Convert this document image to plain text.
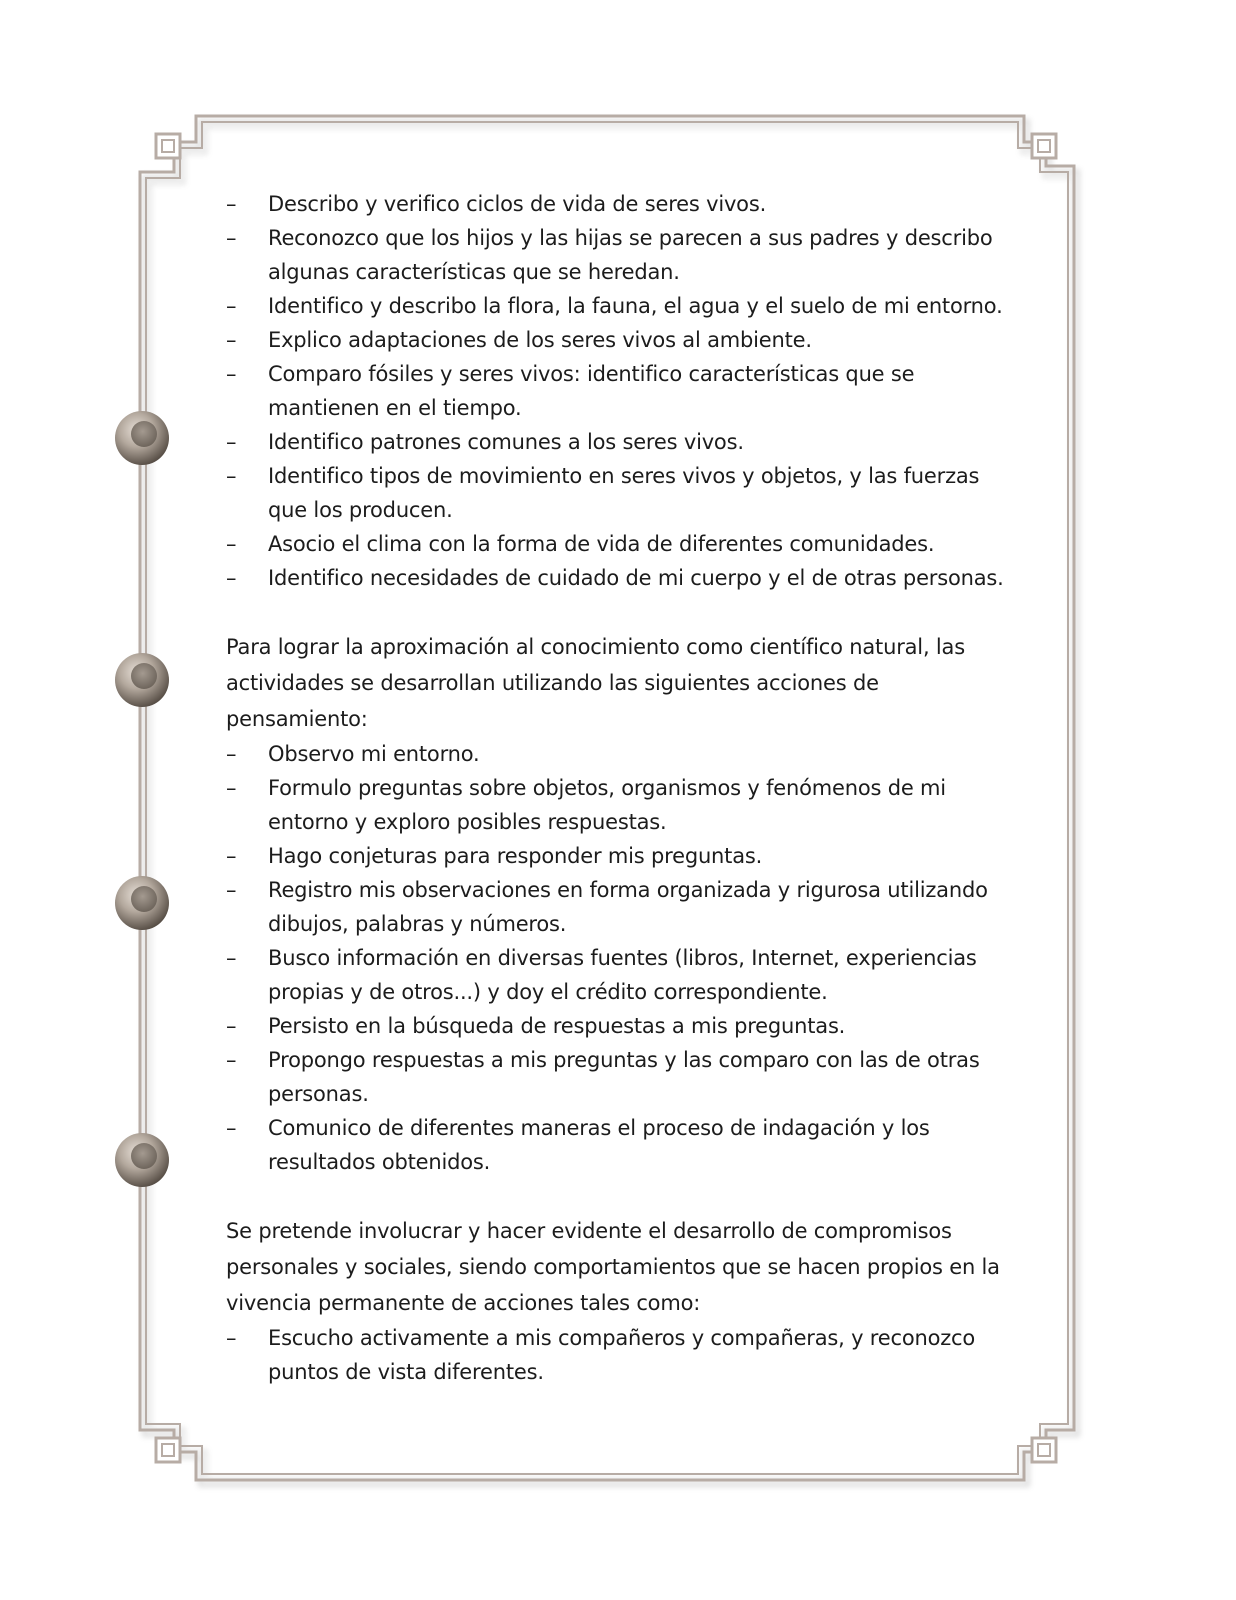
– Describo y verifico ciclos de vida de seres vivos.
– Reconozco que los hijos y las hijas se parecen a sus padres y describo algunas características que se heredan.
– Identifico y describo la flora, la fauna, el agua y el suelo de mi entorno.
– Explico adaptaciones de los seres vivos al ambiente.
– Comparo fósiles y seres vivos: identifico características que se mantienen en el tiempo.
– Identifico patrones comunes a los seres vivos.
– Identifico tipos de movimiento en seres vivos y objetos, y las fuerzas que los producen.
– Asocio el clima con la forma de vida de diferentes comunidades.
– Identifico necesidades de cuidado de mi cuerpo y el de otras personas.

Para lograr la aproximación al conocimiento como científico natural, las actividades se desarrollan utilizando las siguientes acciones de pensamiento:

– Observo mi entorno.
– Formulo preguntas sobre objetos, organismos y fenómenos de mi entorno y exploro posibles respuestas.
– Hago conjeturas para responder mis preguntas.
– Registro mis observaciones en forma organizada y rigurosa utilizando dibujos, palabras y números.
– Busco información en diversas fuentes (libros, Internet, experiencias propias y de otros...) y doy el crédito correspondiente.
– Persisto en la búsqueda de respuestas a mis preguntas.
– Propongo respuestas a mis preguntas y las comparo con las de otras personas.
– Comunico de diferentes maneras el proceso de indagación y los resultados obtenidos.

Se pretende involucrar y hacer evidente el desarrollo de compromisos personales y sociales, siendo comportamientos que se hacen propios en la vivencia permanente de acciones tales como:

– Escucho activamente a mis compañeros y compañeras, y reconozco puntos de vista diferentes.
